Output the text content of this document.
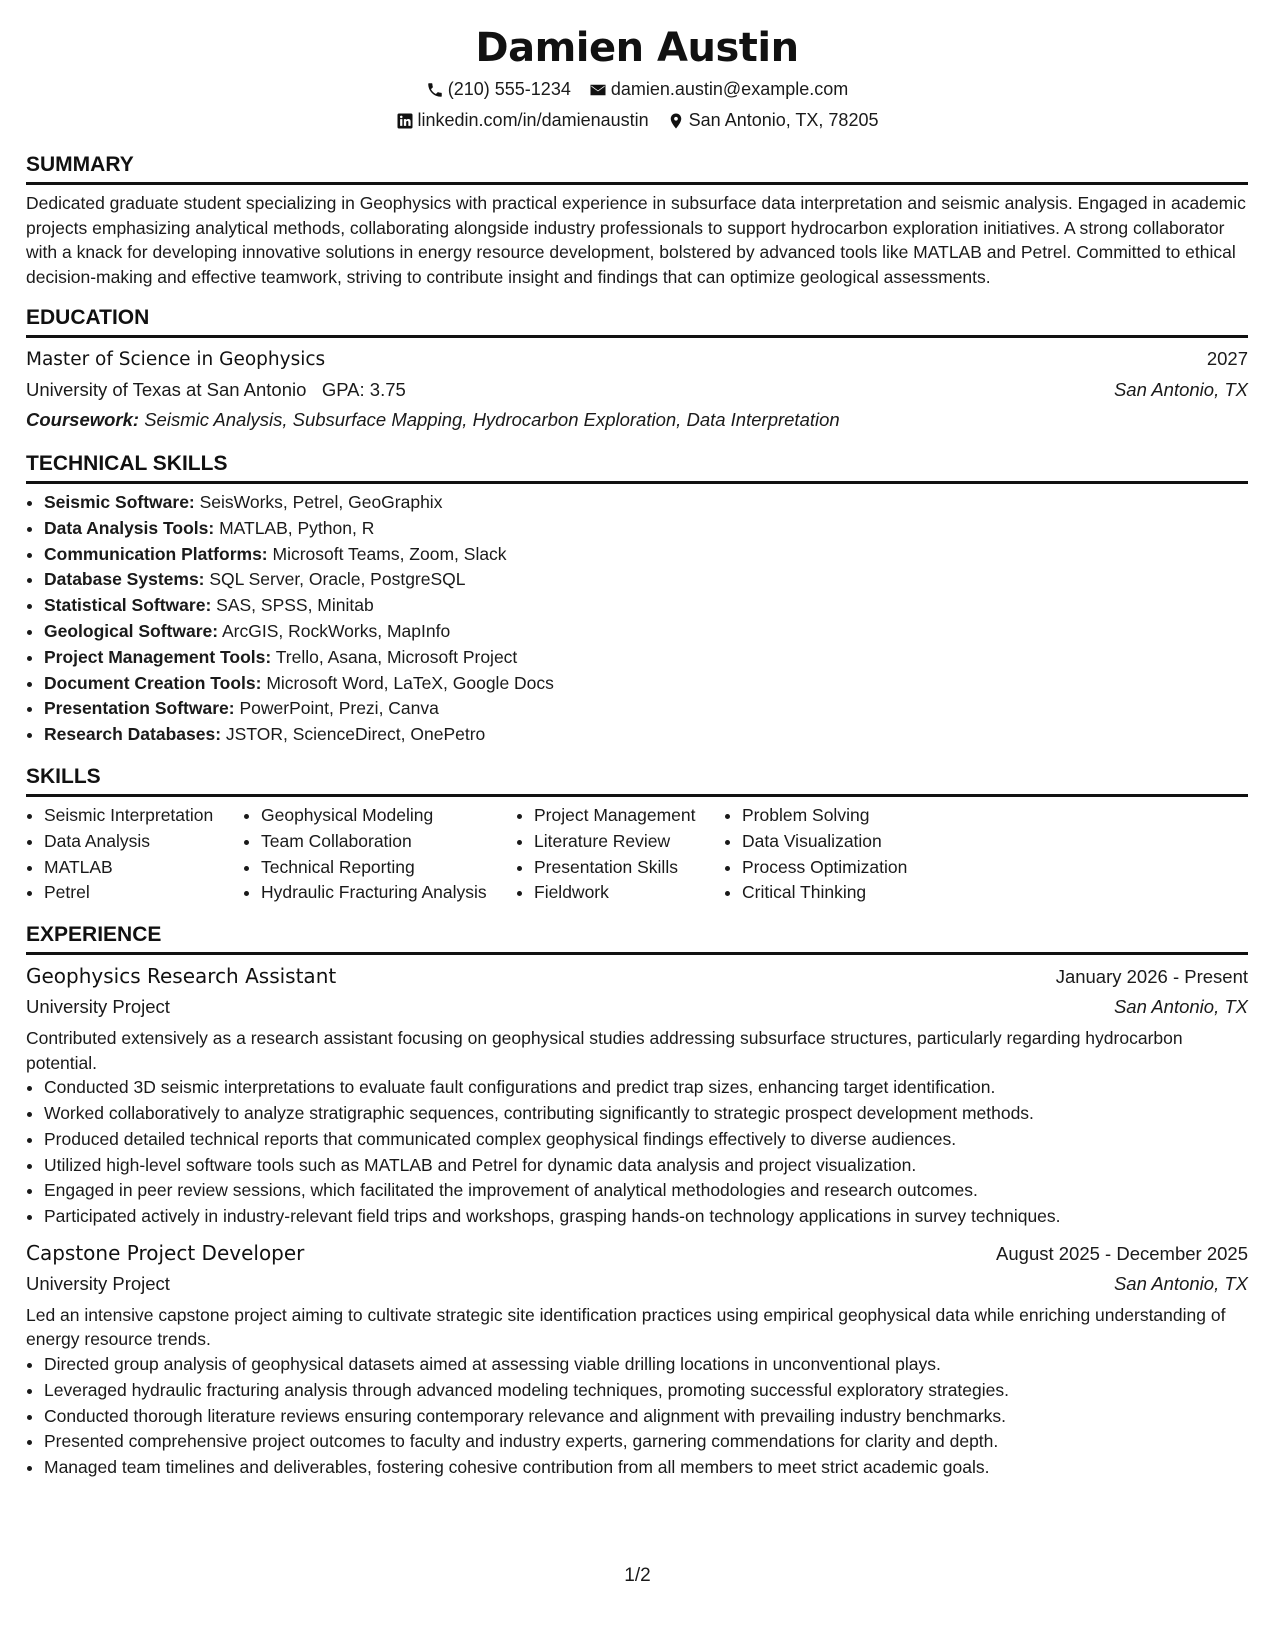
Damien Austin
(210) 555-1234 damien.austin@example.com
linkedin.com/in/damienaustin San Antonio, TX, 78205
SUMMARY
Dedicated graduate student specializing in Geophysics with practical experience in subsurface data interpretation and seismic analysis. Engaged in academic projects emphasizing analytical methods, collaborating alongside industry professionals to support hydrocarbon exploration initiatives. A strong collaborator with a knack for developing innovative solutions in energy resource development, bolstered by advanced tools like MATLAB and Petrel. Committed to ethical decision-making and effective teamwork, striving to contribute insight and findings that can optimize geological assessments.
EDUCATION
Master of Science in Geophysics	2027
University of Texas at San Antonio GPA: 3.75	San Antonio, TX
Coursework: Seismic Analysis, Subsurface Mapping, Hydrocarbon Exploration, Data Interpretation
TECHNICAL SKILLS
• Seismic Software: SeisWorks, Petrel, GeoGraphix
• Data Analysis Tools: MATLAB, Python, R
• Communication Platforms: Microsoft Teams, Zoom, Slack
• Database Systems: SQL Server, Oracle, PostgreSQL
• Statistical Software: SAS, SPSS, Minitab
• Geological Software: ArcGIS, RockWorks, MapInfo
• Project Management Tools: Trello, Asana, Microsoft Project
• Document Creation Tools: Microsoft Word, LaTeX, Google Docs
• Presentation Software: PowerPoint, Prezi, Canva
• Research Databases: JSTOR, ScienceDirect, OnePetro
SKILLS
• Seismic Interpretation
• Data Analysis
• MATLAB
• Petrel
• Geophysical Modeling
• Team Collaboration
• Technical Reporting
• Hydraulic Fracturing Analysis
• Project Management
• Literature Review
• Presentation Skills
• Fieldwork
• Problem Solving
• Data Visualization
• Process Optimization
• Critical Thinking
EXPERIENCE
Geophysics Research Assistant	January 2026 - Present
University Project	San Antonio, TX
Contributed extensively as a research assistant focusing on geophysical studies addressing subsurface structures, particularly regarding hydrocarbon potential.
• Conducted 3D seismic interpretations to evaluate fault configurations and predict trap sizes, enhancing target identification.
• Worked collaboratively to analyze stratigraphic sequences, contributing significantly to strategic prospect development methods.
• Produced detailed technical reports that communicated complex geophysical findings effectively to diverse audiences.
• Utilized high-level software tools such as MATLAB and Petrel for dynamic data analysis and project visualization.
• Engaged in peer review sessions, which facilitated the improvement of analytical methodologies and research outcomes.
• Participated actively in industry-relevant field trips and workshops, grasping hands-on technology applications in survey techniques.
Capstone Project Developer	August 2025 - December 2025
University Project	San Antonio, TX
Led an intensive capstone project aiming to cultivate strategic site identification practices using empirical geophysical data while enriching understanding of energy resource trends.
• Directed group analysis of geophysical datasets aimed at assessing viable drilling locations in unconventional plays.
• Leveraged hydraulic fracturing analysis through advanced modeling techniques, promoting successful exploratory strategies.
• Conducted thorough literature reviews ensuring contemporary relevance and alignment with prevailing industry benchmarks.
• Presented comprehensive project outcomes to faculty and industry experts, garnering commendations for clarity and depth.
• Managed team timelines and deliverables, fostering cohesive contribution from all members to meet strict academic goals.
1/2
